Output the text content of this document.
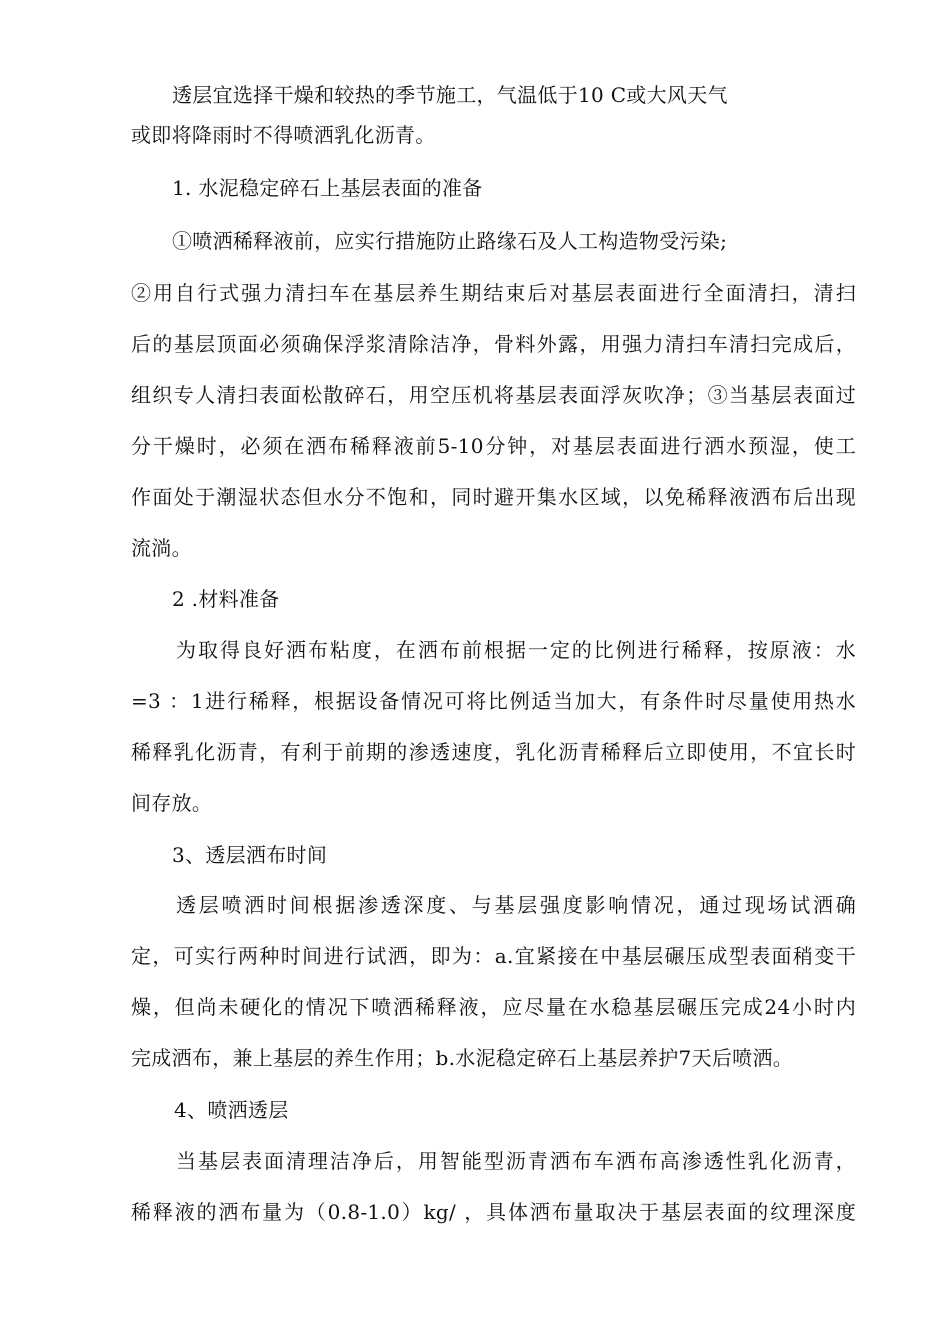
透层宜选择干燥和较热的季节施工，气温低于10 C或大风天气
或即将降雨时不得喷洒乳化沥青。
1. 水泥稳定碎石上基层表面的准备
①喷洒稀释液前，应实行措施防止路缘石及人工构造物受污染;
②用自行式强力清扫车在基层养生期结束后对基层表面进行全面清扫，清扫
后的基层顶面必须确保浮浆清除洁净，骨料外露，用强力清扫车清扫完成后，
组织专人清扫表面松散碎石，用空压机将基层表面浮灰吹净；③当基层表面过
分干燥时，必须在洒布稀释液前5-10分钟，对基层表面进行洒水预湿，使工
作面处于潮湿状态但水分不饱和，同时避开集水区域，以免稀释液洒布后出现
流淌。
2 .材料准备
为取得良好洒布粘度，在洒布前根据一定的比例进行稀释，按原液：水
=3 ：1进行稀释，根据设备情况可将比例适当加大，有条件时尽量使用热水
稀释乳化沥青，有利于前期的渗透速度，乳化沥青稀释后立即使用，不宜长时
间存放。
3、透层洒布时间
透层喷洒时间根据渗透深度、与基层强度影响情况，通过现场试洒确
定，可实行两种时间进行试洒，即为：a.宜紧接在中基层碾压成型表面稍变干
燥，但尚未硬化的情况下喷洒稀释液，应尽量在水稳基层碾压完成24小时内
完成洒布，兼上基层的养生作用；b.水泥稳定碎石上基层养护7天后喷洒。
4、喷洒透层
当基层表面清理洁净后，用智能型沥青洒布车洒布高渗透性乳化沥青，
稀释液的洒布量为（0.8-1.0）kg/ ，具体洒布量取决于基层表面的纹理深度
